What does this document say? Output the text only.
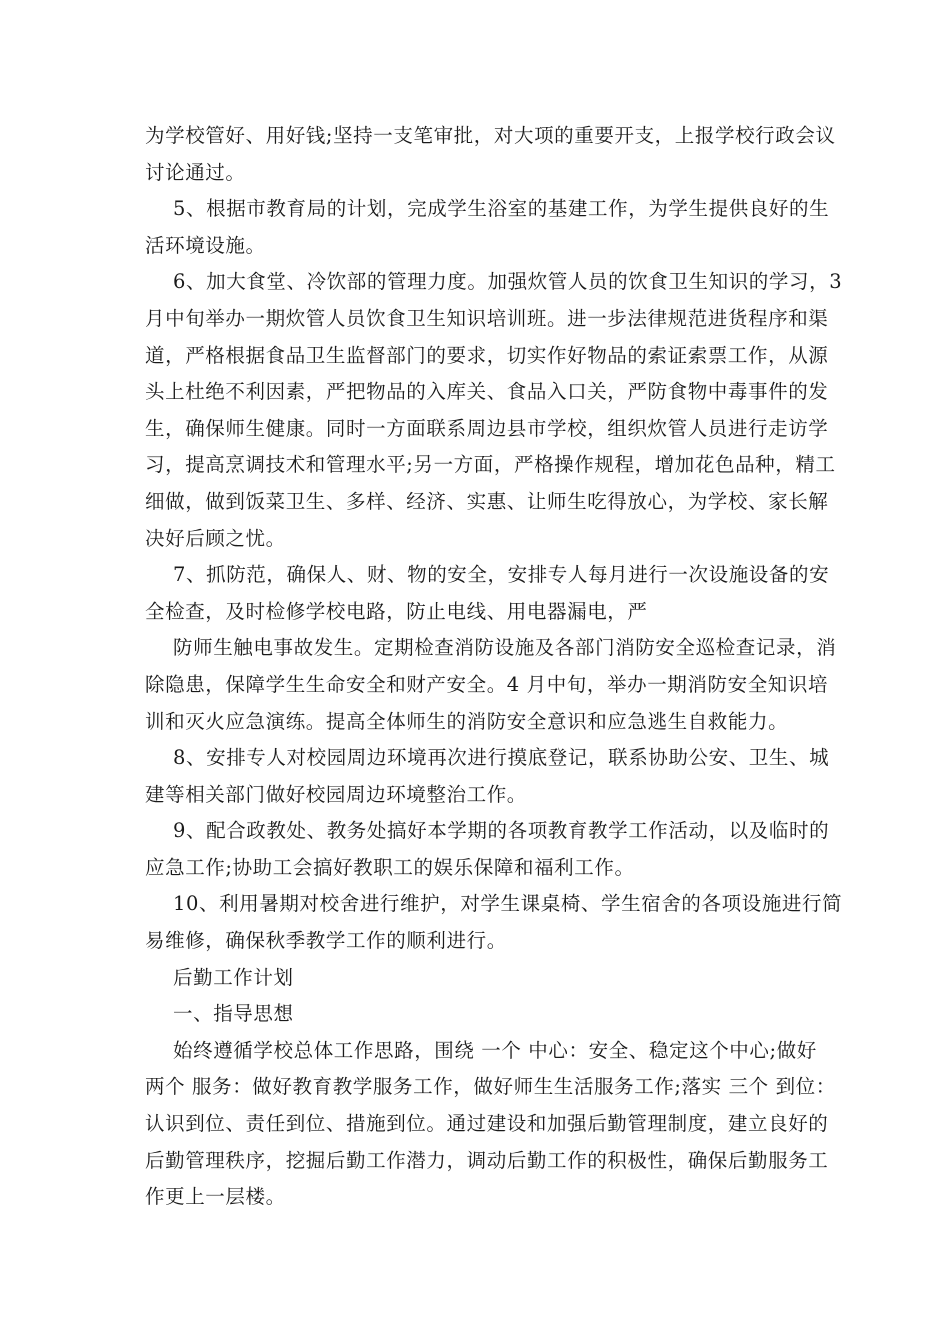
为学校管好、用好钱;坚持一支笔审批，对大项的重要开支，上报学校行政会议
讨论通过。
5、根据市教育局的计划，完成学生浴室的基建工作，为学生提供良好的生
活环境设施。
6、加大食堂、冷饮部的管理力度。加强炊管人员的饮食卫生知识的学习，3
月中旬举办一期炊管人员饮食卫生知识培训班。进一步法律规范进货程序和渠
道，严格根据食品卫生监督部门的要求，切实作好物品的索证索票工作，从源
头上杜绝不利因素，严把物品的入库关、食品入口关，严防食物中毒事件的发
生，确保师生健康。同时一方面联系周边县市学校，组织炊管人员进行走访学
习，提高烹调技术和管理水平;另一方面，严格操作规程，增加花色品种，精工
细做，做到饭菜卫生、多样、经济、实惠、让师生吃得放心，为学校、家长解
决好后顾之忧。
7、抓防范，确保人、财、物的安全，安排专人每月进行一次设施设备的安
全检查，及时检修学校电路，防止电线、用电器漏电，严
防师生触电事故发生。定期检查消防设施及各部门消防安全巡检查记录，消
除隐患，保障学生生命安全和财产安全。4 月中旬，举办一期消防安全知识培
训和灭火应急演练。提高全体师生的消防安全意识和应急逃生自救能力。
8、安排专人对校园周边环境再次进行摸底登记，联系协助公安、卫生、城
建等相关部门做好校园周边环境整治工作。
9、配合政教处、教务处搞好本学期的各项教育教学工作活动，以及临时的
应急工作;协助工会搞好教职工的娱乐保障和福利工作。
10、利用暑期对校舍进行维护，对学生课桌椅、学生宿舍的各项设施进行简
易维修，确保秋季教学工作的顺利进行。
后勤工作计划
一、指导思想
始终遵循学校总体工作思路，围绕 一个 中心：安全、稳定这个中心;做好
两个 服务：做好教育教学服务工作，做好师生生活服务工作;落实 三个 到位：
认识到位、责任到位、措施到位。通过建设和加强后勤管理制度，建立良好的
后勤管理秩序，挖掘后勤工作潜力，调动后勤工作的积极性，确保后勤服务工
作更上一层楼。
